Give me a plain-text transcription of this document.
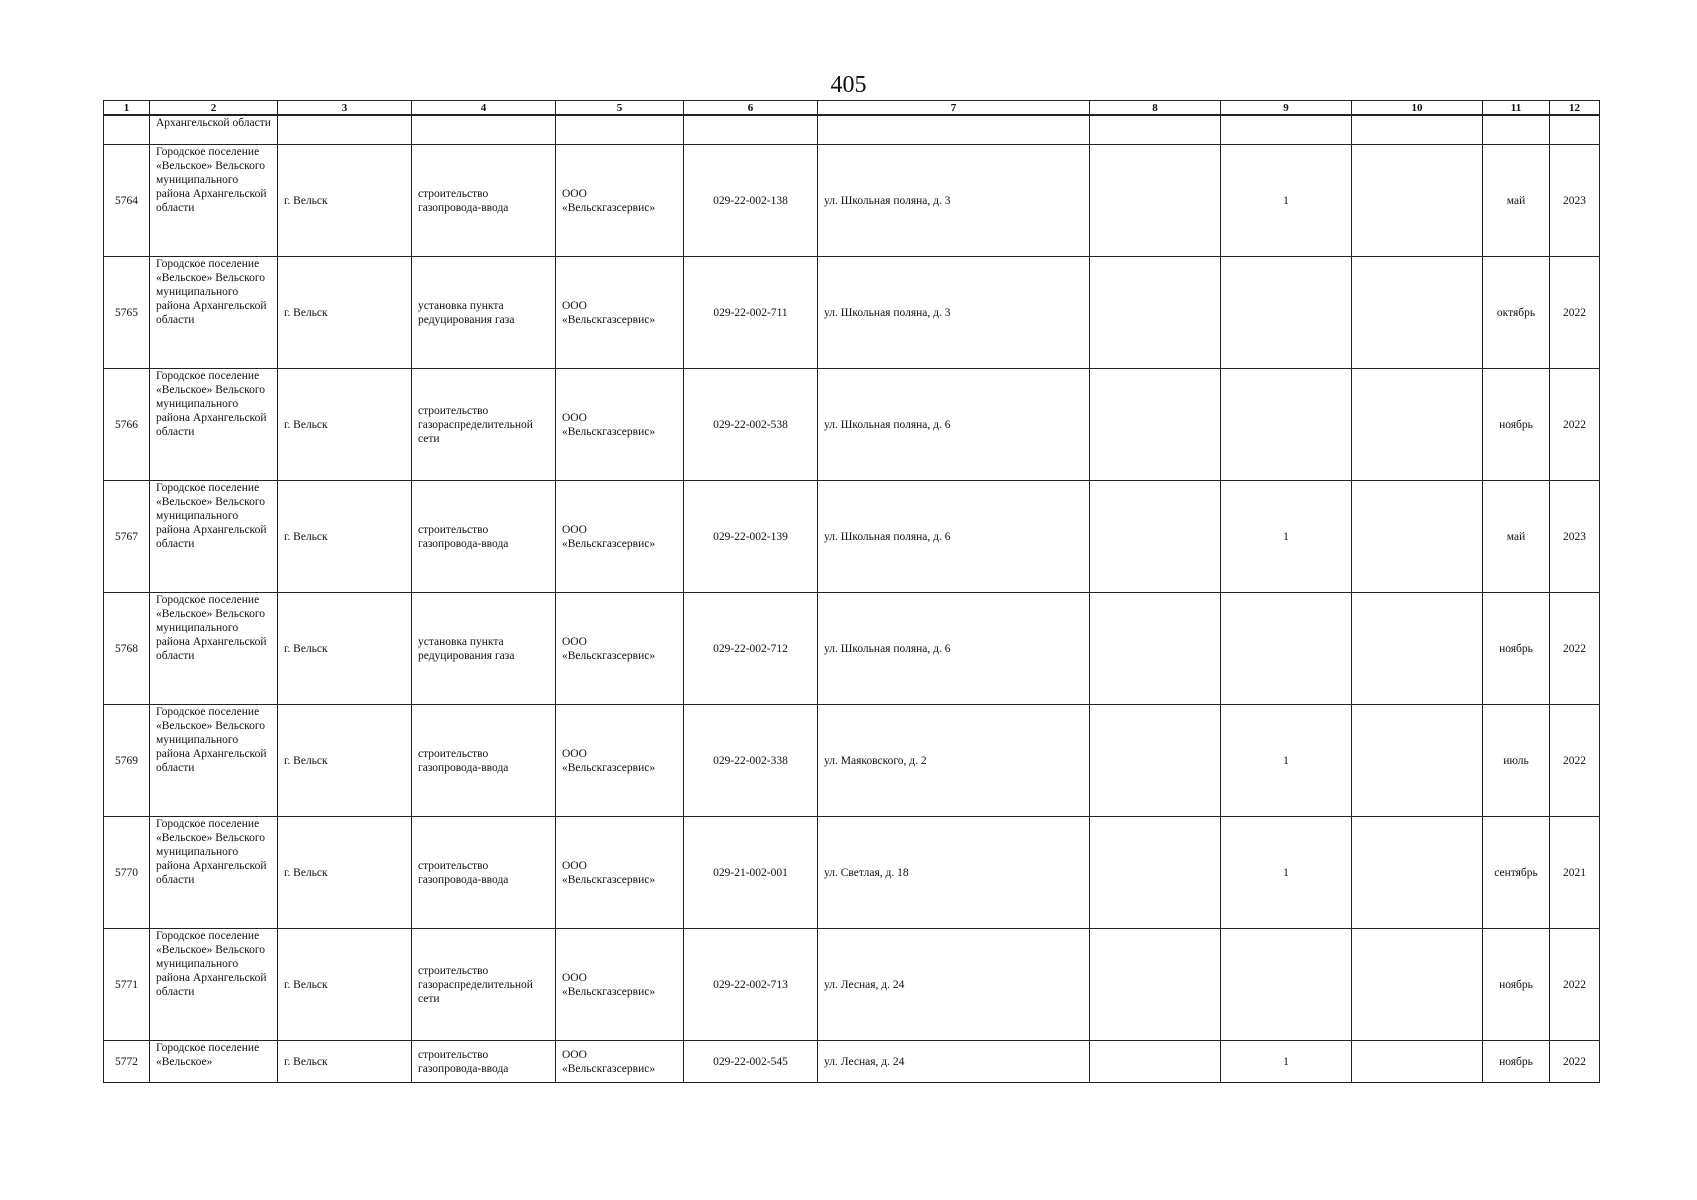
405
1	2	3	4	5	6	7	8	9	10	11	12
	Архангельской области										
5764	Городское поселение «Вельское» Вельского муниципального района Архангельской области	г. Вельск	строительство газопровода-ввода	ООО «Вельскгазсервис»	029-22-002-138	ул. Школьная поляна, д. 3		1		май	2023
5765	Городское поселение «Вельское» Вельского муниципального района Архангельской области	г. Вельск	установка пункта редуцирования газа	ООО «Вельскгазсервис»	029-22-002-711	ул. Школьная поляна, д. 3				октябрь	2022
5766	Городское поселение «Вельское» Вельского муниципального района Архангельской области	г. Вельск	строительство газораспределительной сети	ООО «Вельскгазсервис»	029-22-002-538	ул. Школьная поляна, д. 6				ноябрь	2022
5767	Городское поселение «Вельское» Вельского муниципального района Архангельской области	г. Вельск	строительство газопровода-ввода	ООО «Вельскгазсервис»	029-22-002-139	ул. Школьная поляна, д. 6		1		май	2023
5768	Городское поселение «Вельское» Вельского муниципального района Архангельской области	г. Вельск	установка пункта редуцирования газа	ООО «Вельскгазсервис»	029-22-002-712	ул. Школьная поляна, д. 6				ноябрь	2022
5769	Городское поселение «Вельское» Вельского муниципального района Архангельской области	г. Вельск	строительство газопровода-ввода	ООО «Вельскгазсервис»	029-22-002-338	ул. Маяковского, д. 2		1		июль	2022
5770	Городское поселение «Вельское» Вельского муниципального района Архангельской области	г. Вельск	строительство газопровода-ввода	ООО «Вельскгазсервис»	029-21-002-001	ул. Светлая, д. 18		1		сентябрь	2021
5771	Городское поселение «Вельское» Вельского муниципального района Архангельской области	г. Вельск	строительство газораспределительной сети	ООО «Вельскгазсервис»	029-22-002-713	ул. Лесная, д. 24				ноябрь	2022
5772	Городское поселение «Вельское»	г. Вельск	строительство газопровода-ввода	ООО «Вельскгазсервис»	029-22-002-545	ул. Лесная, д. 24		1		ноябрь	2022
